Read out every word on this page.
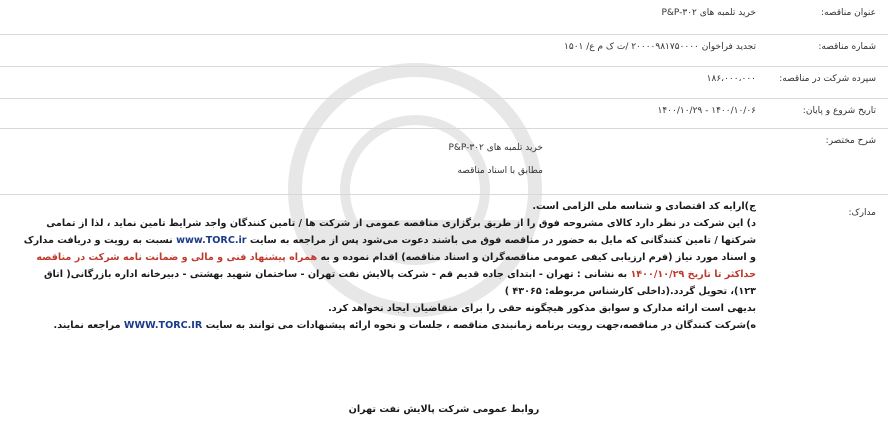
عنوان مناقصه:
خرید تلمبه های P&P-۳۰۲
شماره مناقصه:
تجدید فراخوان ۲۰۰۰۰۹۸۱۷۵۰۰۰۰ /ت ک م ع/ ۱۵۰۱
سپرده شرکت در مناقصه:
۱۸۶،۰۰۰،۰۰۰
تاریخ شروع و پایان:
۱۴۰۰/۱۰/۰۶ - ۱۴۰۰/۱۰/۲۹
شرح مختصر:
خرید تلمبه های P&P-۳۰۲
مطابق با اسناد مناقصه
مدارک:

ج)ارایه کد اقتصادی و شناسه ملی الزامی است.

د) این شرکت در نظر دارد کالای مشروحه فوق را از طریق برگزاری مناقصه عمومی از شرکت ها / تامین کنندگان واجد شرایط تامین نماید ، لذا از تمامی شرکتها / تامین کنندگانی که مایل به حضور در مناقصه فوق می باشند دعوت می‌شود پس از مراجعه به سایت www.TORC.ir نسبت به رویت و دریافت مدارک و اسناد مورد نیاز (فرم ارزیابی کیفی عمومی مناقصه‌گران و اسناد مناقصه) اقدام نموده و به همراه پیشنهاد فنی و مالی و ضمانت نامه شرکت در مناقصه حداکثر تا تاریخ ۱۴۰۰/۱۰/۲۹ به نشانی : تهران - ابتدای جاده قدیم قم - شرکت پالایش نفت تهران - ساختمان شهید بهشتی - دبیرخانه اداره بازرگانی( اتاق ۱۲۳)، تحویل گردد.(داخلی کارشناس مربوطه: ۴۳۰۶۵ )

بدیهی است ارائه مدارک و سوابق مذکور هیچگونه حقی را برای متقاضیان ایجاد نخواهد کرد.

ه)شرکت کنندگان در مناقصه،جهت رویت برنامه زمانبندی مناقصه ، جلسات و نحوه ارائه پیشنهادات می توانند به سایت WWW.TORC.IR مراجعه نمایند.

روابط عمومی شرکت پالایش نفت تهران
